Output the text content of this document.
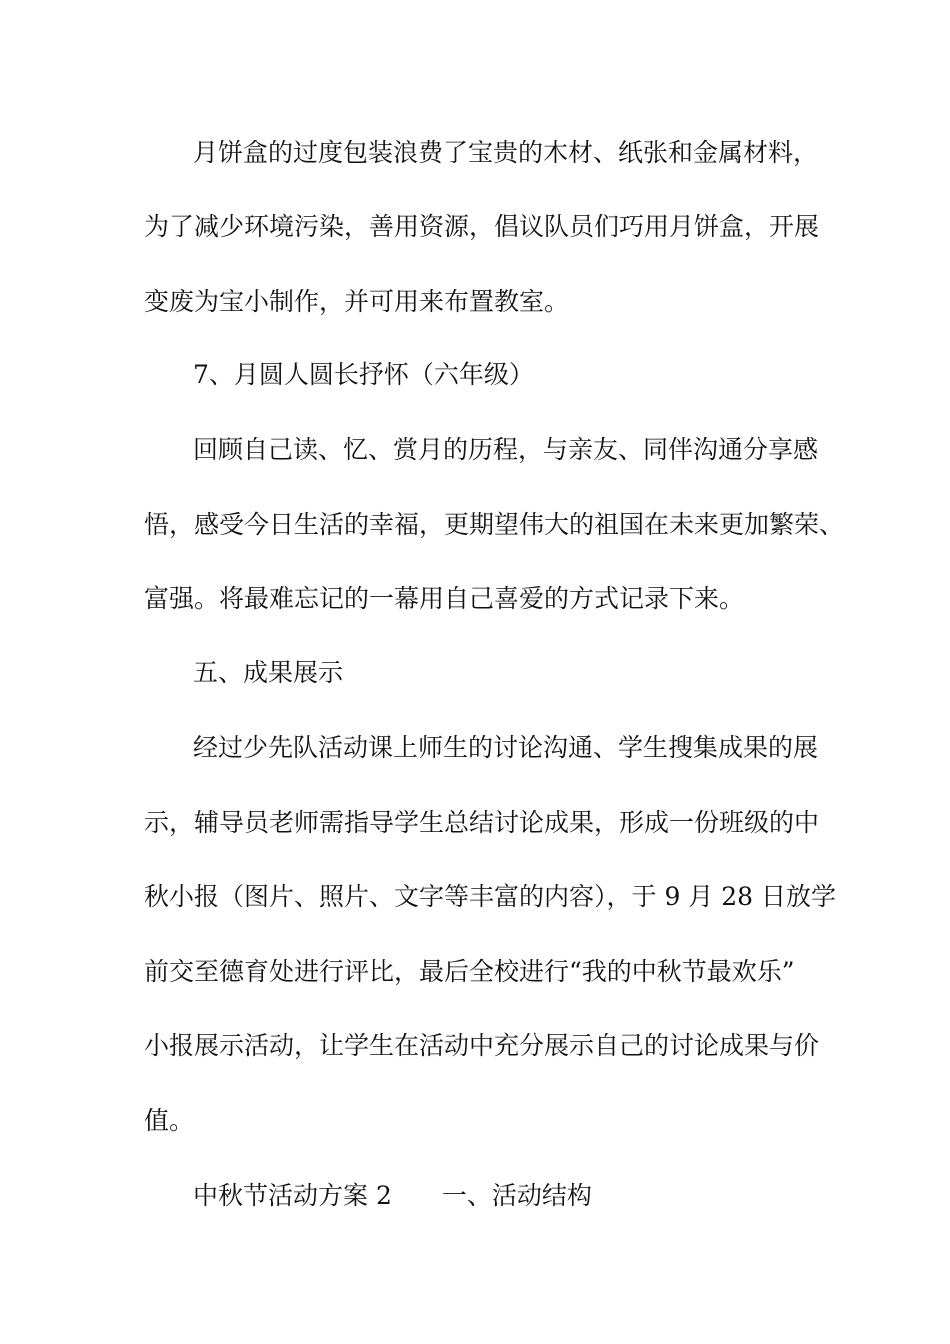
月饼盒的过度包装浪费了宝贵的木材、纸张和金属材料，
为了减少环境污染，善用资源，倡议队员们巧用月饼盒，开展
变废为宝小制作，并可用来布置教室。
7、月圆人圆长抒怀（六年级）
回顾自己读、忆、赏月的历程，与亲友、同伴沟通分享感
悟，感受今日生活的幸福，更期望伟大的祖国在未来更加繁荣、
富强。将最难忘记的一幕用自己喜爱的方式记录下来。
五、成果展示
经过少先队活动课上师生的讨论沟通、学生搜集成果的展
示，辅导员老师需指导学生总结讨论成果，形成一份班级的中
秋小报（图片、照片、文字等丰富的内容），于 9 月 28 日放学
前交至德育处进行评比，最后全校进行“我的中秋节最欢乐”
小报展示活动，让学生在活动中充分展示自己的讨论成果与价
值。
中秋节活动方案 2　　一、活动结构
